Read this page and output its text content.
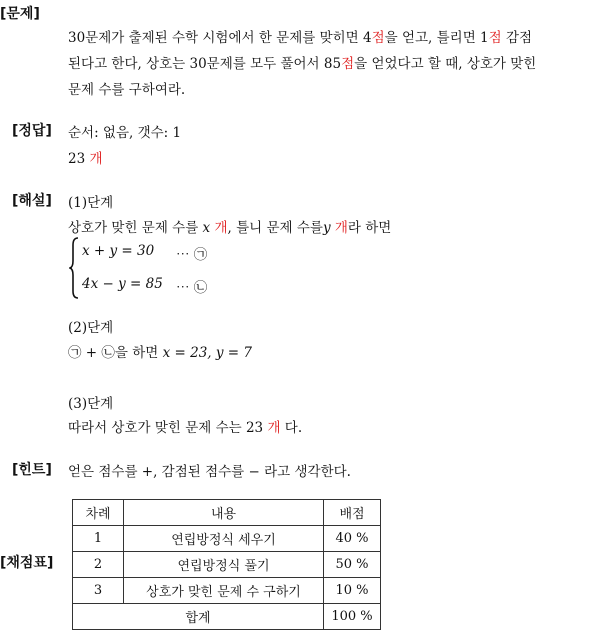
[문제]
[정답]
[해설]
[힌트]
[채점표]
30문제가 출제된 수학 시험에서 한 문제를 맞히면 4점을 얻고, 틀리면 1점 감점
된다고 한다, 상호는 30문제를 모두 풀어서 85점을 얻었다고 할 때, 상호가 맞힌
문제 수를 구하여라.
순서: 없음, 갯수: 1
23 개
(1)단계
상호가 맞힌 문제 수를 x 개, 틀니 문제 수를y 개라 하면
x + y = 30 ⋯ ㉠
4x − y = 85 ⋯ ㉡
(2)단계
㉠ + ㉡을 하면 x = 23, y = 7
(3)단계
따라서 상호가 맞힌 문제 수는 23 개 다.
얻은 점수를 +, 감점된 점수를 − 라고 생각한다.
차례	내용	배점
1	연립방정식 세우기	40 %
2	연립방정식 풀기	50 %
3	상호가 맞힌 문제 수 구하기	10 %
합계		100 %
